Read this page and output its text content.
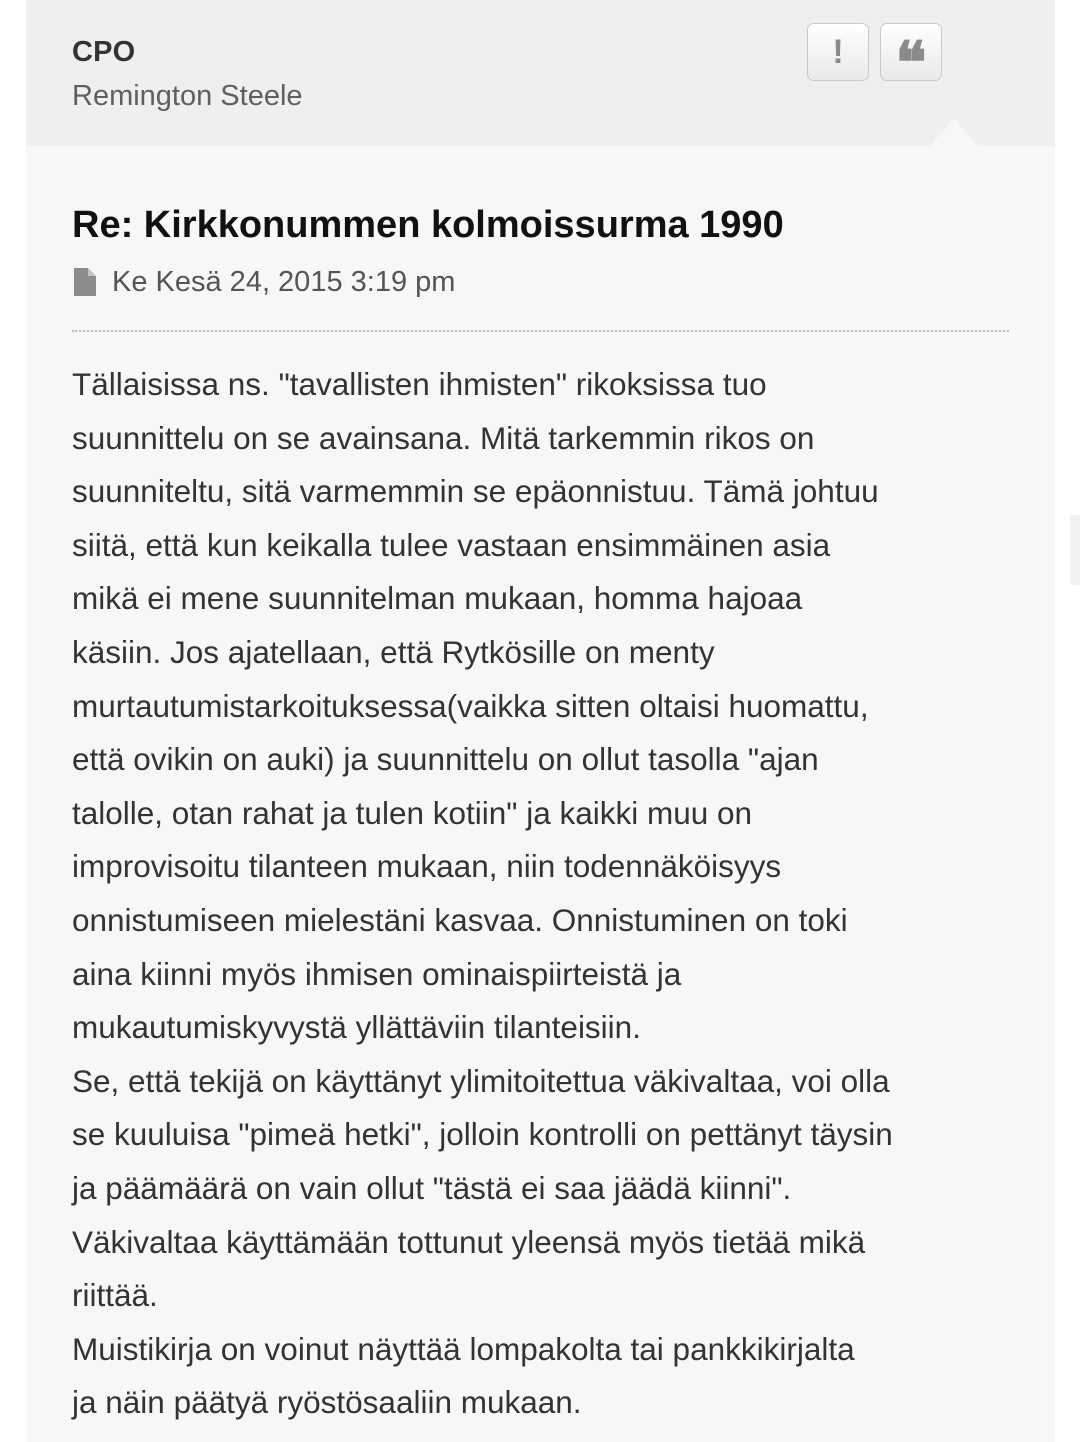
CPO
Remington Steele
! ❝
Re: Kirkkonummen kolmoissurma 1990
Ke Kesä 24, 2015 3:19 pm

Tällaisissa ns. "tavallisten ihmisten" rikoksissa tuo

suunnittelu on se avainsana. Mitä tarkemmin rikos on

suunniteltu, sitä varmemmin se epäonnistuu. Tämä johtuu

siitä, että kun keikalla tulee vastaan ensimmäinen asia

mikä ei mene suunnitelman mukaan, homma hajoaa

käsiin. Jos ajatellaan, että Rytkösille on menty

murtautumistarkoituksessa(vaikka sitten oltaisi huomattu,

että ovikin on auki) ja suunnittelu on ollut tasolla "ajan

talolle, otan rahat ja tulen kotiin" ja kaikki muu on

improvisoitu tilanteen mukaan, niin todennäköisyys

onnistumiseen mielestäni kasvaa. Onnistuminen on toki

aina kiinni myös ihmisen ominaispiirteistä ja

mukautumiskyvystä yllättäviin tilanteisiin.

Se, että tekijä on käyttänyt ylimitoitettua väkivaltaa, voi olla

se kuuluisa "pimeä hetki", jolloin kontrolli on pettänyt täysin

ja päämäärä on vain ollut "tästä ei saa jäädä kiinni".

Väkivaltaa käyttämään tottunut yleensä myös tietää mikä

riittää.

Muistikirja on voinut näyttää lompakolta tai pankkikirjalta

ja näin päätyä ryöstösaaliin mukaan.
